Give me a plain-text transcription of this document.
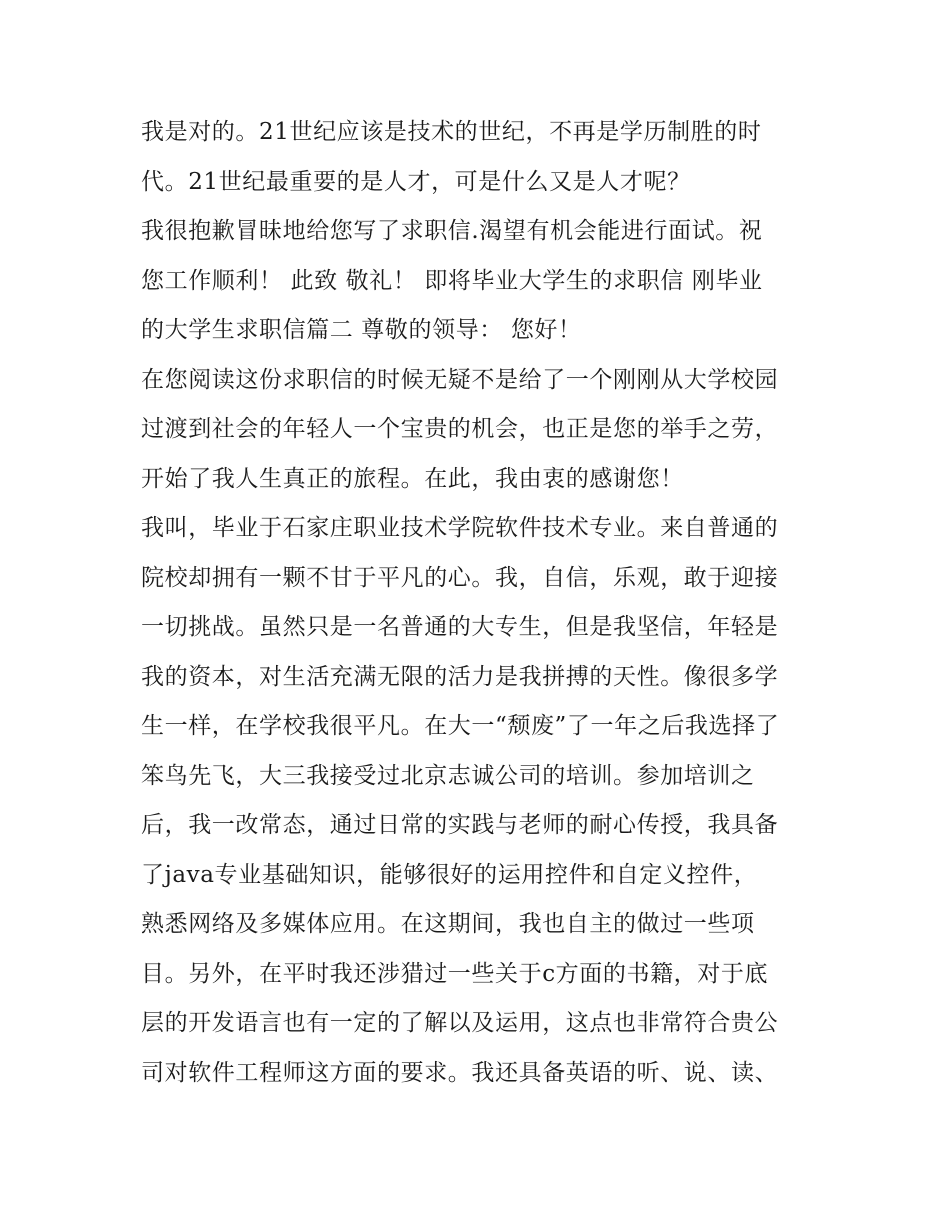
我是对的。21世纪应该是技术的世纪，不再是学历制胜的时
代。21世纪最重要的是人才，可是什么又是人才呢？
我很抱歉冒昧地给您写了求职信.渴望有机会能进行面试。祝
您工作顺利！ 此致 敬礼！ 即将毕业大学生的求职信 刚毕业
的大学生求职信篇二 尊敬的领导： 您好！
在您阅读这份求职信的时候无疑不是给了一个刚刚从大学校园
过渡到社会的年轻人一个宝贵的机会，也正是您的举手之劳，
开始了我人生真正的旅程。在此，我由衷的感谢您！
我叫，毕业于石家庄职业技术学院软件技术专业。来自普通的
院校却拥有一颗不甘于平凡的心。我，自信，乐观，敢于迎接
一切挑战。虽然只是一名普通的大专生，但是我坚信，年轻是
我的资本，对生活充满无限的活力是我拼搏的天性。像很多学
生一样，在学校我很平凡。在大一“颓废”了一年之后我选择了
笨鸟先飞，大三我接受过北京志诚公司的培训。参加培训之
后，我一改常态，通过日常的实践与老师的耐心传授，我具备
了java专业基础知识，能够很好的运用控件和自定义控件，
熟悉网络及多媒体应用。在这期间，我也自主的做过一些项
目。另外，在平时我还涉猎过一些关于c方面的书籍，对于底
层的开发语言也有一定的了解以及运用，这点也非常符合贵公
司对软件工程师这方面的要求。我还具备英语的听、说、读、
